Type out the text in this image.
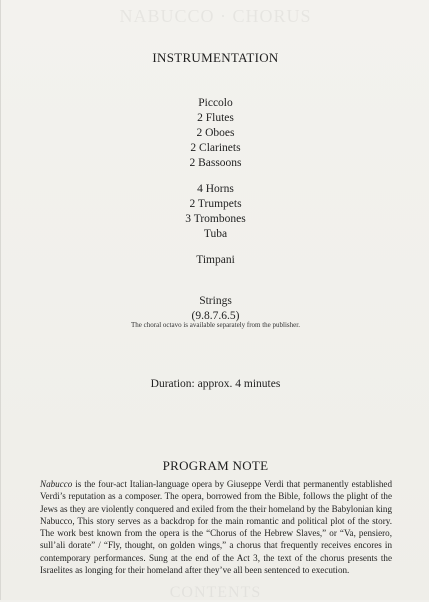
NABUCCO · CHORUS
INSTRUMENTATION
Piccolo
2 Flutes
2 Oboes
2 Clarinets
2 Bassoons
4 Horns
2 Trumpets
3 Trombones
Tuba
Timpani
Strings
(9.8.7.6.5)
The choral octavo is available separately from the publisher.
Duration: approx. 4 minutes
PROGRAM NOTE

Nabucco is the four-act Italian-language opera by Giuseppe Verdi that permanently established Verdi’s reputation as a composer. The opera, borrowed from the Bible, follows the plight of the Jews as they are violently conquered and exiled from the their homeland by the Babylonian king Nabucco, This story serves as a backdrop for the main romantic and political plot of the story. The work best known from the opera is the “Chorus of the Hebrew Slaves,” or “Va, pensiero, sull’ali dorate” / “Fly, thought, on golden wings,” a chorus that frequently receives encores in contemporary performances. Sung at the end of the Act 3, the text of the chorus presents the Israelites as longing for their homeland after they’ve all been sentenced to execution.

CONTENTS
